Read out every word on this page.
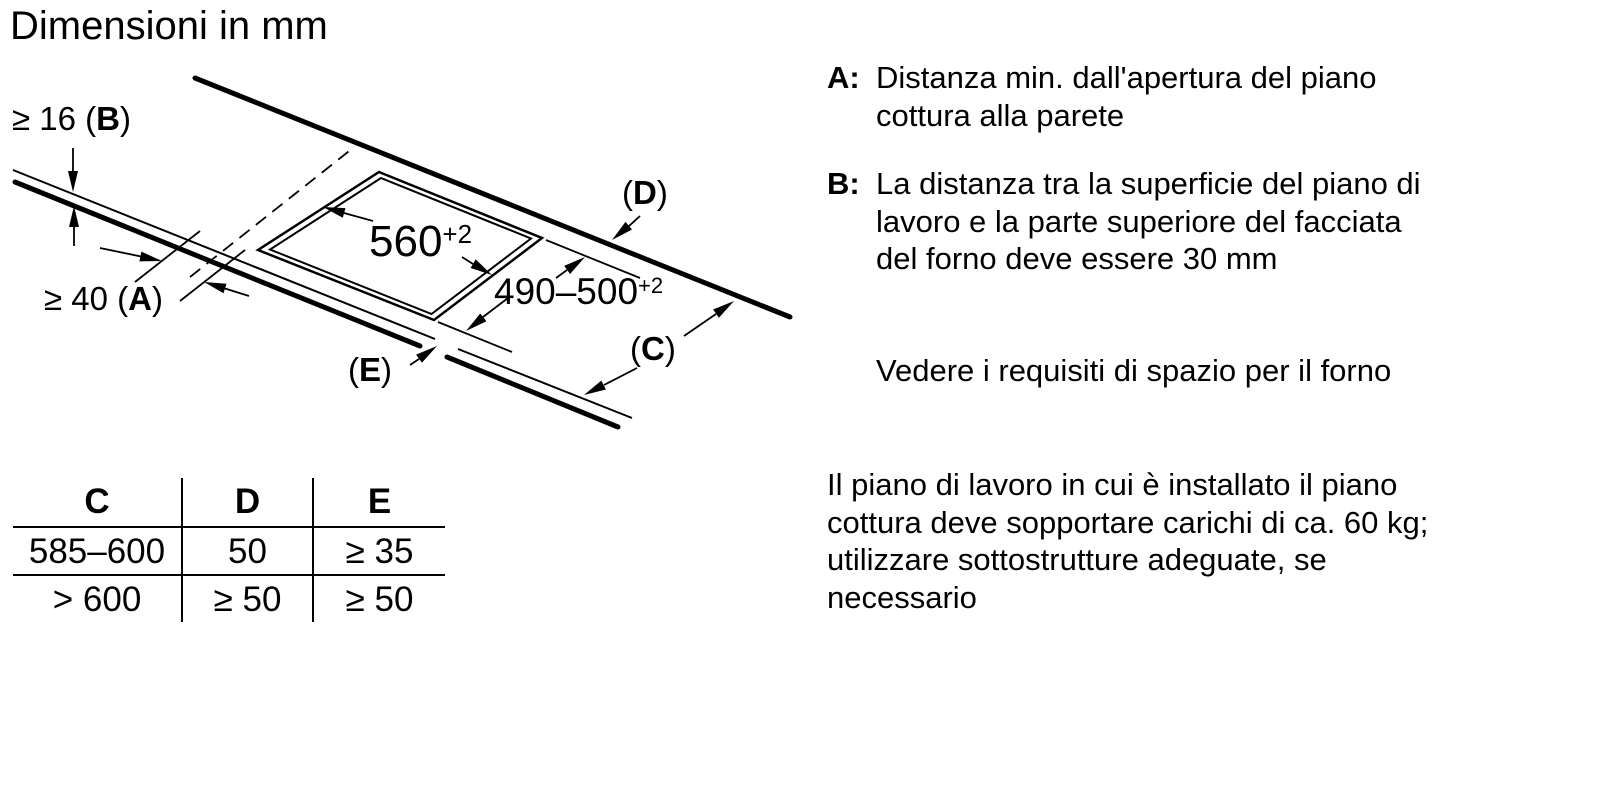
Dimensioni in mm
≥ 16 (B)
≥ 40 (A)
$560^{+2}$
$490-500^{+2}$
(D)
(C)
(E)
C	D	E
585–600	50	≥ 35
> 600	≥ 50	≥ 50
A: Distanza min. dall'apertura del piano
cottura alla parete
B: La distanza tra la superficie del piano di
lavoro e la parte superiore del facciata
del forno deve essere 30 mm
Vedere i requisiti di spazio per il forno
Il piano di lavoro in cui è installato il piano
cottura deve sopportare carichi di ca. 60 kg;
utilizzare sottostrutture adeguate, se
necessario
